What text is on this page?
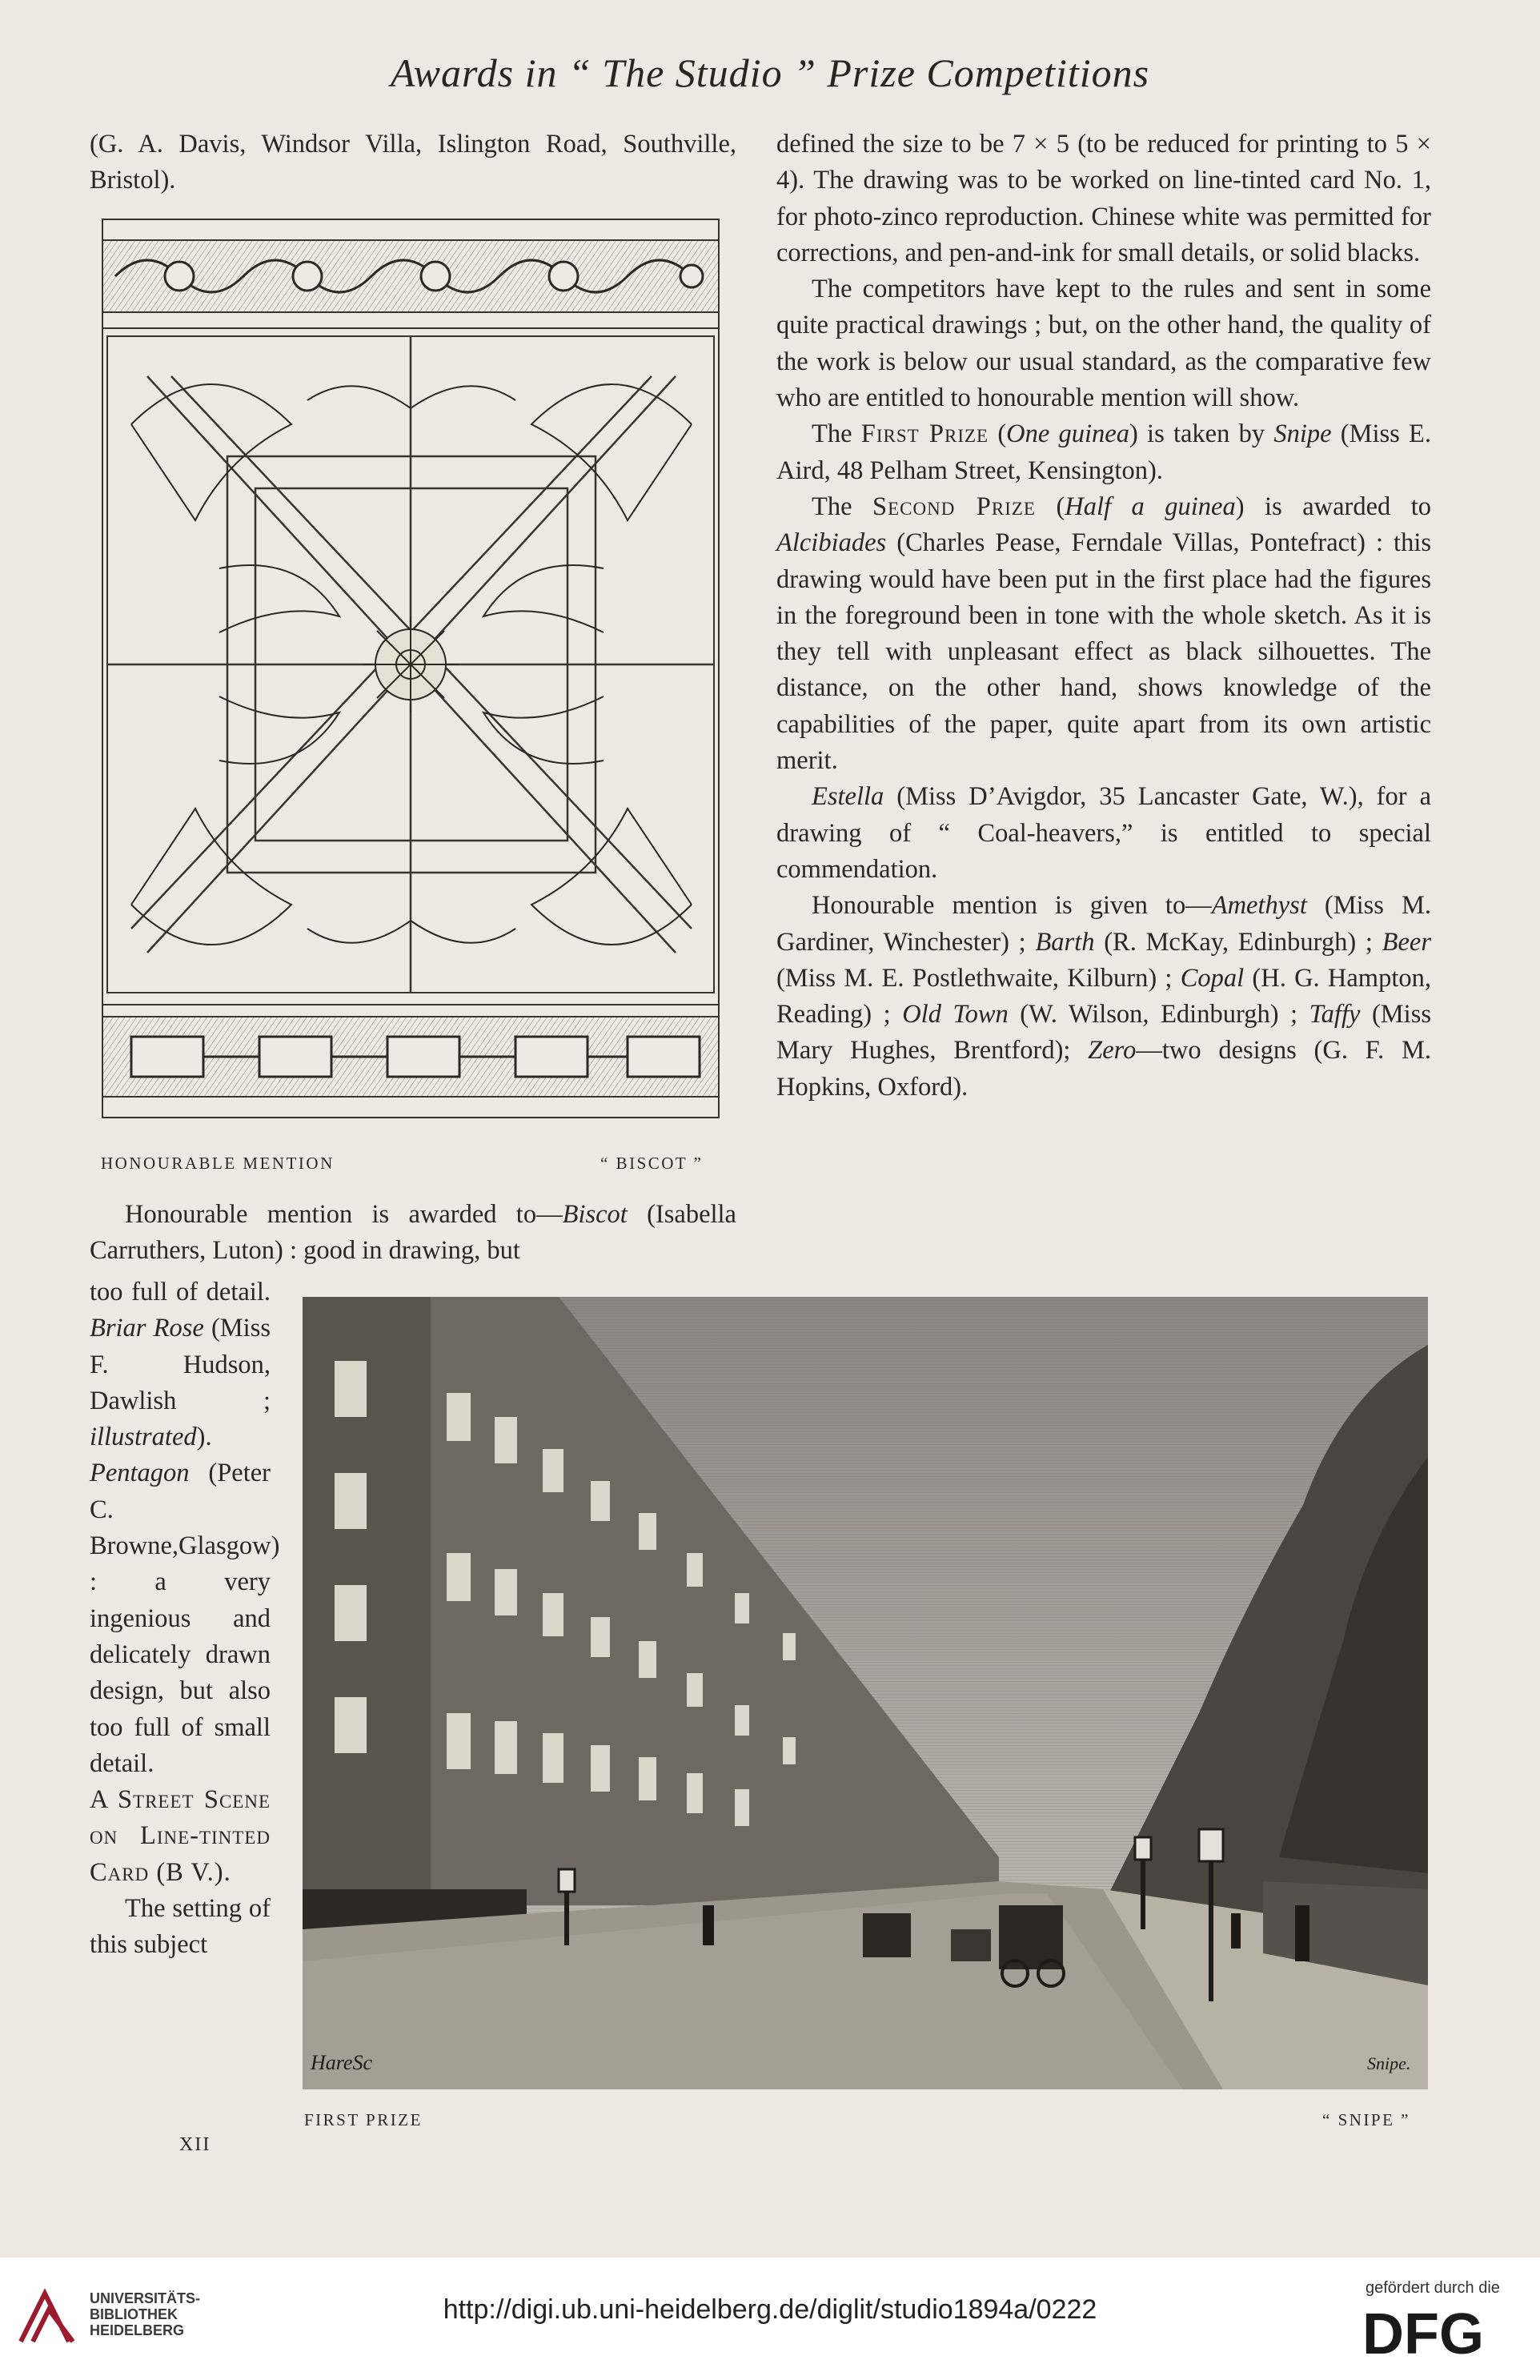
Awards in “ The Studio ” Prize Competitions

(G. A. Davis, Windsor Villa, Islington Road, Southville, Bristol).

HONOURABLE MENTION	“ BISCOT ”

Honourable mention is awarded to—Biscot (Isabella Carruthers, Luton) : good in drawing, but

too full of detail. Briar Rose (Miss F. Hudson, Dawlish ; illustrated). Pentagon (Peter C. Browne,Glasgow) : a very ingenious and delicately drawn design, but also too full of small detail.

A Street Scene on Line-tinted Card (B V.).

The setting of this subject

defined the size to be 7 × 5 (to be reduced for printing to 5 × 4). The drawing was to be worked on line-tinted card No. 1, for photo-zinco reproduction. Chinese white was permitted for corrections, and pen-and-ink for small details, or solid blacks.

The competitors have kept to the rules and sent in some quite practical drawings ; but, on the other hand, the quality of the work is below our usual standard, as the comparative few who are entitled to honourable mention will show.

The First Prize (One guinea) is taken by Snipe (Miss E. Aird, 48 Pelham Street, Kensington).

The Second Prize (Half a guinea) is awarded to Alcibiades (Charles Pease, Ferndale Villas, Pontefract) : this drawing would have been put in the first place had the figures in the foreground been in tone with the whole sketch. As it is they tell with unpleasant effect as black silhouettes. The distance, on the other hand, shows knowledge of the capabilities of the paper, quite apart from its own artistic merit.

Estella (Miss D’Avigdor, 35 Lancaster Gate, W.), for a drawing of “ Coal-heavers,” is entitled to special commendation.

Honourable mention is given to—Amethyst (Miss M. Gardiner, Winchester) ; Barth (R. McKay, Edinburgh) ; Beer (Miss M. E. Postlethwaite, Kilburn) ; Copal (H. G. Hampton, Reading) ; Old Town (W. Wilson, Edinburgh) ; Taffy (Miss Mary Hughes, Brentford); Zero—two designs (G. F. M. Hopkins, Oxford).

HareSc	Snipe.
FIRST PRIZE	“ SNIPE ”
XII
UNIVERSITÄTS-
BIBLIOTHEK
HEIDELBERG
http://digi.ub.uni-heidelberg.de/diglit/studio1894a/0222
gefördert durch die
DFG
